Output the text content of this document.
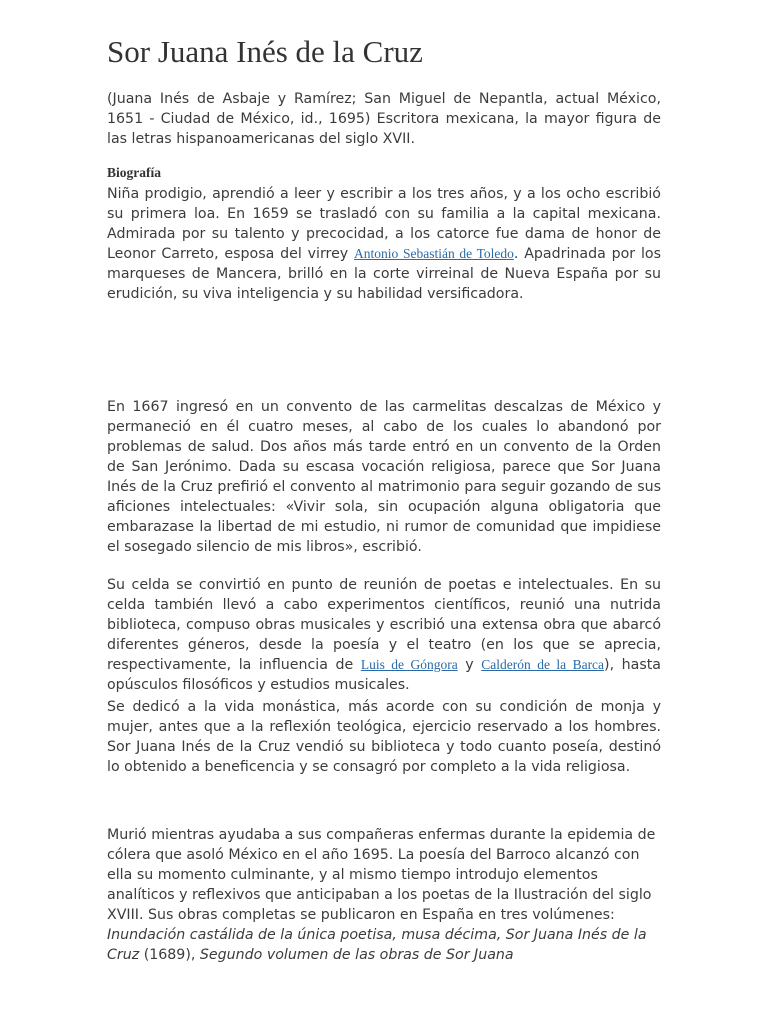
Sor Juana Inés de la Cruz

(Juana Inés de Asbaje y Ramírez; San Miguel de Nepantla, actual México, 1651 - Ciudad de México, id., 1695) Escritora mexicana, la mayor figura de las letras hispanoamericanas del siglo XVII.

Biografía

Niña prodigio, aprendió a leer y escribir a los tres años, y a los ocho escribió su primera loa. En 1659 se trasladó con su familia a la capital mexicana. Admirada por su talento y precocidad, a los catorce fue dama de honor de Leonor Carreto, esposa del virrey Antonio Sebastián de Toledo. Apadrinada por los marqueses de Mancera, brilló en la corte virreinal de Nueva España por su erudición, su viva inteligencia y su habilidad versificadora.

En 1667 ingresó en un convento de las carmelitas descalzas de México y permaneció en él cuatro meses, al cabo de los cuales lo abandonó por problemas de salud. Dos años más tarde entró en un convento de la Orden de San Jerónimo. Dada su escasa vocación religiosa, parece que Sor Juana Inés de la Cruz prefirió el convento al matrimonio para seguir gozando de sus aficiones intelectuales: «Vivir sola, sin ocupación alguna obligatoria que embarazase la libertad de mi estudio, ni rumor de comunidad que impidiese el sosegado silencio de mis libros», escribió.

Su celda se convirtió en punto de reunión de poetas e intelectuales. En su celda también llevó a cabo experimentos científicos, reunió una nutrida biblioteca, compuso obras musicales y escribió una extensa obra que abarcó diferentes géneros, desde la poesía y el teatro (en los que se aprecia, respectivamente, la influencia de Luis de Góngora y Calderón de la Barca), hasta opúsculos filosóficos y estudios musicales.

Se dedicó a la vida monástica, más acorde con su condición de monja y mujer, antes que a la reflexión teológica, ejercicio reservado a los hombres. Sor Juana Inés de la Cruz vendió su biblioteca y todo cuanto poseía, destinó lo obtenido a beneficencia y se consagró por completo a la vida religiosa.

Murió mientras ayudaba a sus compañeras enfermas durante la epidemia de cólera que asoló México en el año 1695. La poesía del Barroco alcanzó con ella su momento culminante, y al mismo tiempo introdujo elementos analíticos y reflexivos que anticipaban a los poetas de la Ilustración del siglo XVIII. Sus obras completas se publicaron en España en tres volúmenes: Inundación castálida de la única poetisa, musa décima, Sor Juana Inés de la Cruz (1689), Segundo volumen de las obras de Sor Juana
